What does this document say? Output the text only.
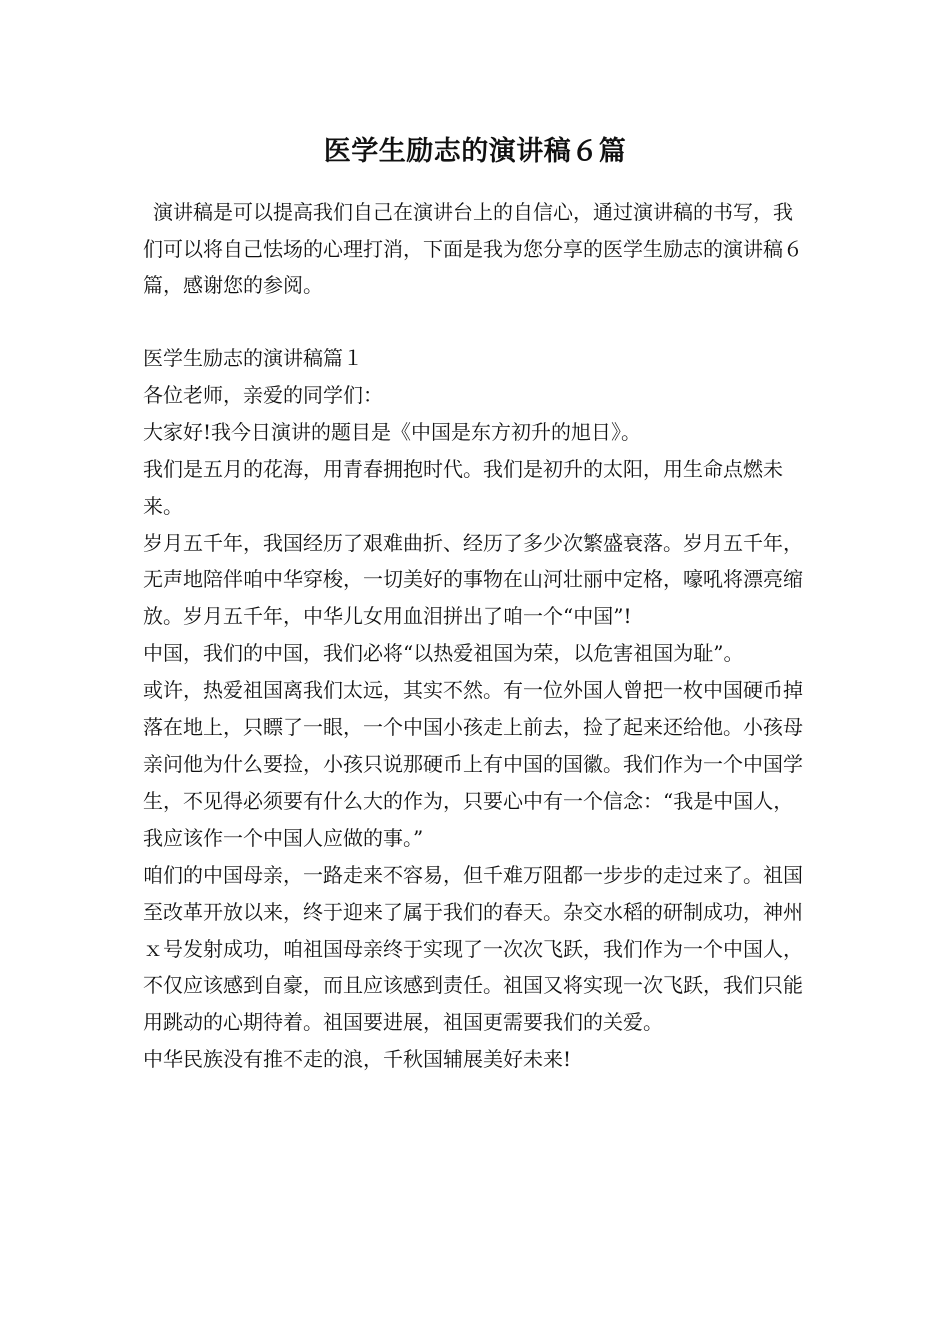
医学生励志的演讲稿６篇

演讲稿是可以提高我们自己在演讲台上的自信心，通过演讲稿的书写，我们可以将自己怯场的心理打消，下面是我为您分享的医学生励志的演讲稿６篇，感谢您的参阅。

医学生励志的演讲稿篇１

各位老师，亲爱的同学们：

大家好!我今日演讲的题目是《中国是东方初升的旭日》。

我们是五月的花海，用青春拥抱时代。我们是初升的太阳，用生命点燃未来。

岁月五千年，我国经历了艰难曲折、经历了多少次繁盛衰落。岁月五千年，无声地陪伴咱中华穿梭，一切美好的事物在山河壮丽中定格，嚎吼将漂亮缩放。岁月五千年，中华儿女用血泪拼出了咱一个“中国”!

中国，我们的中国，我们必将“以热爱祖国为荣，以危害祖国为耻”。

或许，热爱祖国离我们太远，其实不然。有一位外国人曾把一枚中国硬币掉落在地上，只瞟了一眼，一个中国小孩走上前去，捡了起来还给他。小孩母亲问他为什么要捡，小孩只说那硬币上有中国的国徽。我们作为一个中国学生，不见得必须要有什么大的作为，只要心中有一个信念：“我是中国人，我应该作一个中国人应做的事。”

咱们的中国母亲，一路走来不容易，但千难万阻都一步步的走过来了。祖国至改革开放以来，终于迎来了属于我们的春天。杂交水稻的研制成功，神州ｘ号发射成功，咱祖国母亲终于实现了一次次飞跃，我们作为一个中国人，不仅应该感到自豪，而且应该感到责任。祖国又将实现一次飞跃，我们只能用跳动的心期待着。祖国要进展，祖国更需要我们的关爱。

中华民族没有推不走的浪，千秋国辅展美好未来!
